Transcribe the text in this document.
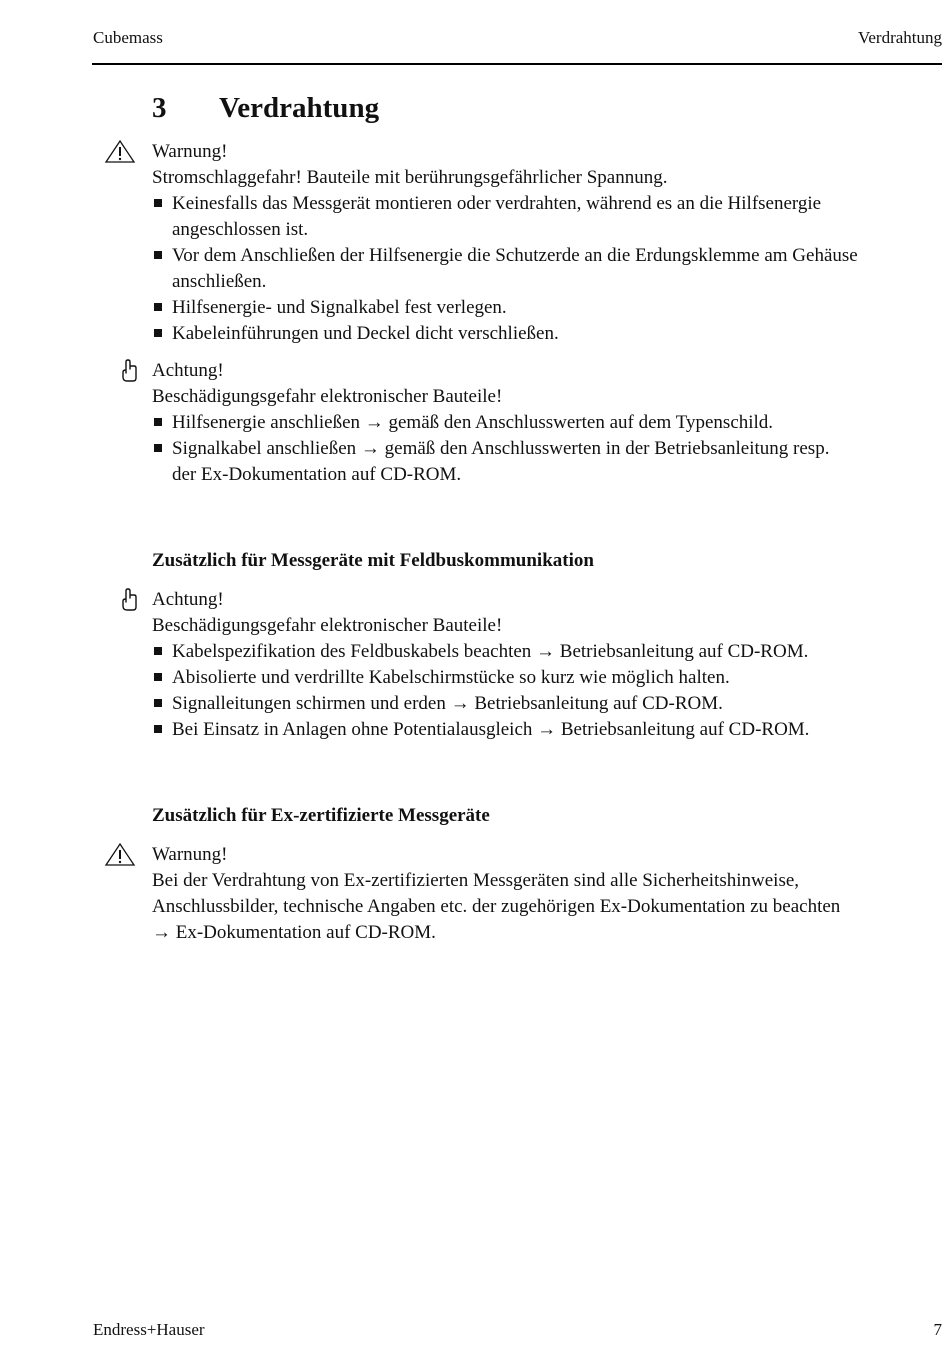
Cubemass	Verdrahtung
3 Verdrahtung
Warnung!
Stromschlaggefahr! Bauteile mit berührungsgefährlicher Spannung.
Keinesfalls das Messgerät montieren oder verdrahten, während es an die Hilfsenergie
angeschlossen ist.
Vor dem Anschließen der Hilfsenergie die Schutzerde an die Erdungsklemme am Gehäuse
anschließen.
Hilfsenergie- und Signalkabel fest verlegen.
Kabeleinführungen und Deckel dicht verschließen.
Achtung!
Beschädigungsgefahr elektronischer Bauteile!
Hilfsenergie anschließen → gemäß den Anschlusswerten auf dem Typenschild.
Signalkabel anschließen → gemäß den Anschlusswerten in der Betriebsanleitung resp.
der Ex-Dokumentation auf CD-ROM.
Zusätzlich für Messgeräte mit Feldbuskommunikation
Achtung!
Beschädigungsgefahr elektronischer Bauteile!
Kabelspezifikation des Feldbuskabels beachten → Betriebsanleitung auf CD-ROM.
Abisolierte und verdrillte Kabelschirmstücke so kurz wie möglich halten.
Signalleitungen schirmen und erden → Betriebsanleitung auf CD-ROM.
Bei Einsatz in Anlagen ohne Potentialausgleich → Betriebsanleitung auf CD-ROM.
Zusätzlich für Ex-zertifizierte Messgeräte
Warnung!
Bei der Verdrahtung von Ex-zertifizierten Messgeräten sind alle Sicherheitshinweise,
Anschlussbilder, technische Angaben etc. der zugehörigen Ex-Dokumentation zu beachten
→ Ex-Dokumentation auf CD-ROM.
Endress+Hauser	7
